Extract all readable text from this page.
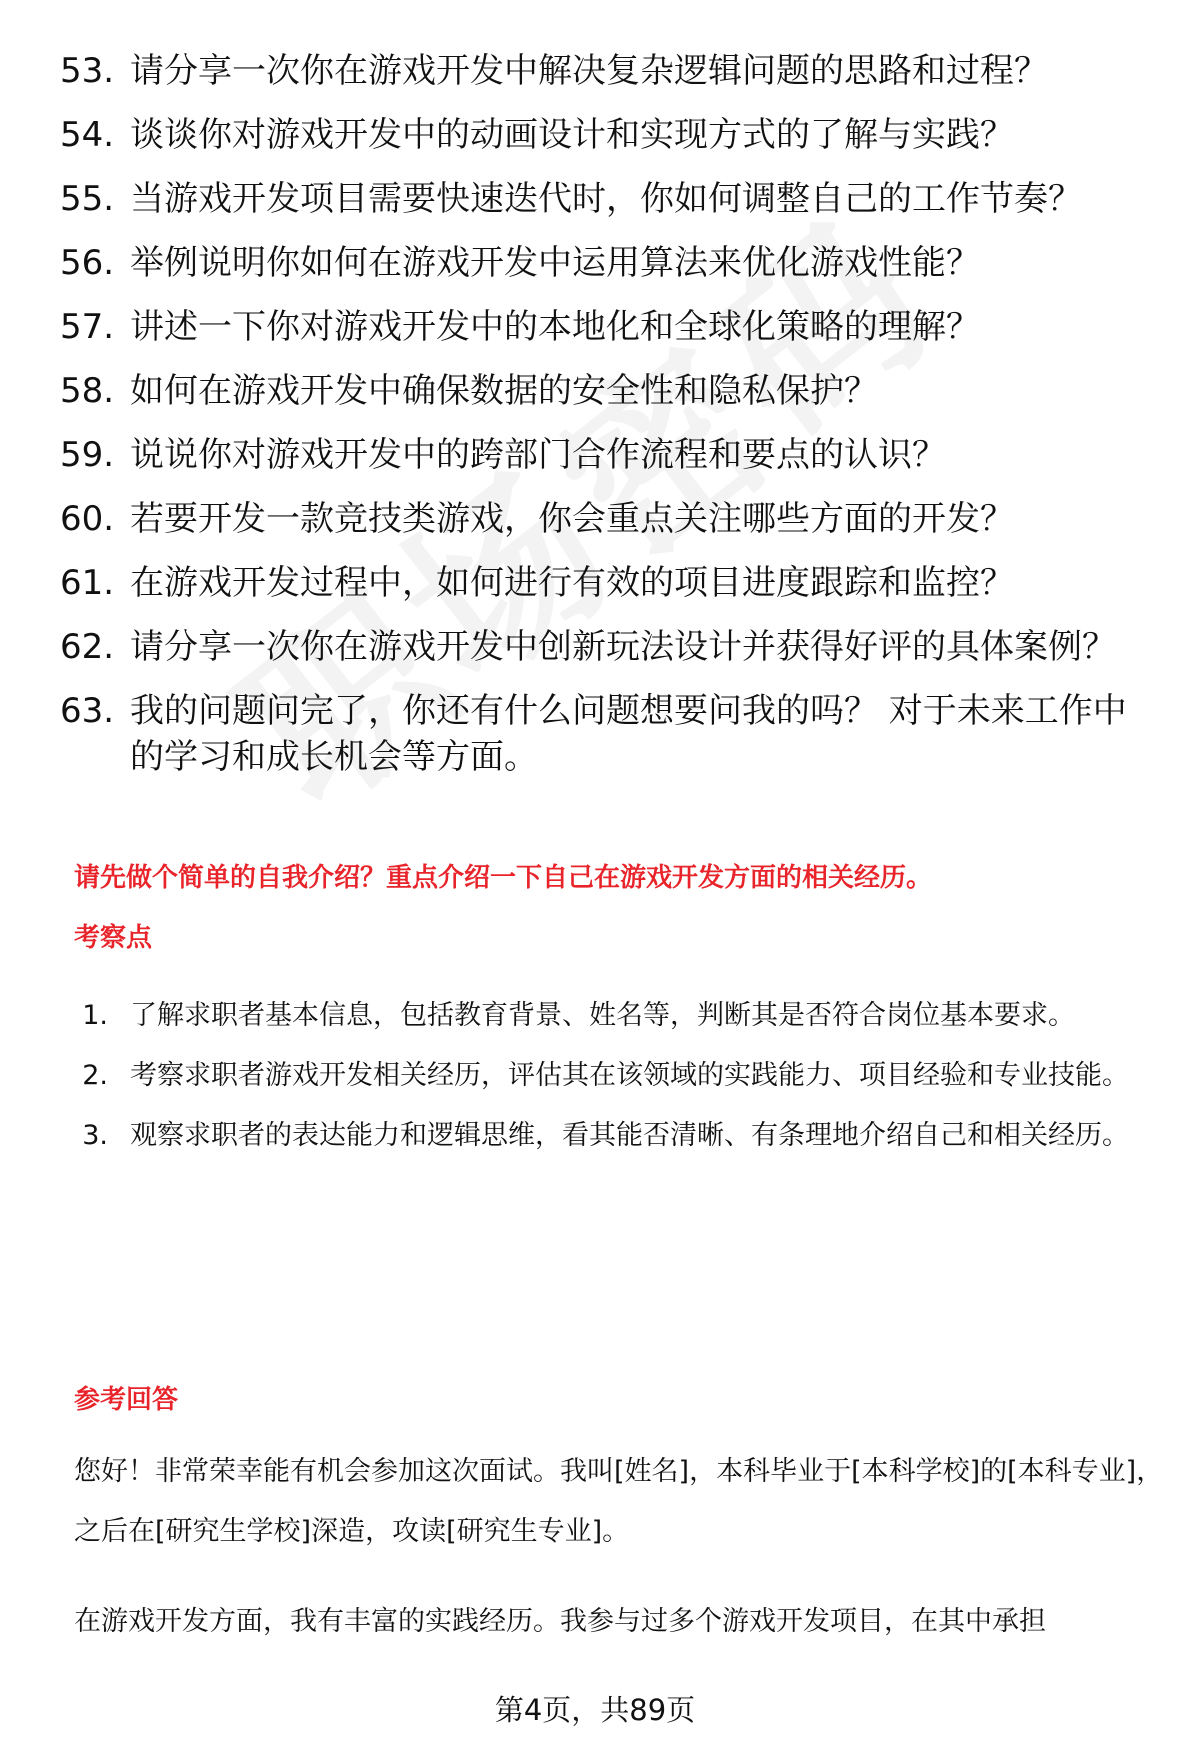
53. 请分享一次你在游戏开发中解决复杂逻辑问题的思路和过程？
54. 谈谈你对游戏开发中的动画设计和实现方式的了解与实践？
55. 当游戏开发项目需要快速迭代时，你如何调整自己的工作节奏？
56. 举例说明你如何在游戏开发中运用算法来优化游戏性能？
57. 讲述一下你对游戏开发中的本地化和全球化策略的理解？
58. 如何在游戏开发中确保数据的安全性和隐私保护？
59. 说说你对游戏开发中的跨部门合作流程和要点的认识？
60. 若要开发一款竞技类游戏，你会重点关注哪些方面的开发？
61. 在游戏开发过程中，如何进行有效的项目进度跟踪和监控？
62. 请分享一次你在游戏开发中创新玩法设计并获得好评的具体案例？
63. 我的问题问完了，你还有什么问题想要问我的吗？ 对于未来工作中的学习和成长机会等方面。
请先做个简单的自我介绍？重点介绍一下自己在游戏开发方面的相关经历。
考察点
1. 了解求职者基本信息，包括教育背景、姓名等，判断其是否符合岗位基本要求。
2. 考察求职者游戏开发相关经历，评估其在该领域的实践能力、项目经验和专业技能。
3. 观察求职者的表达能力和逻辑思维，看其能否清晰、有条理地介绍自己和相关经历。
参考回答

您好！非常荣幸能有机会参加这次面试。我叫[姓名]，本科毕业于[本科学校]的[本科专业]，之后在[研究生学校]深造，攻读[研究生专业]。

在游戏开发方面，我有丰富的实践经历。我参与过多个游戏开发项目，在其中承担

第4页，共89页
